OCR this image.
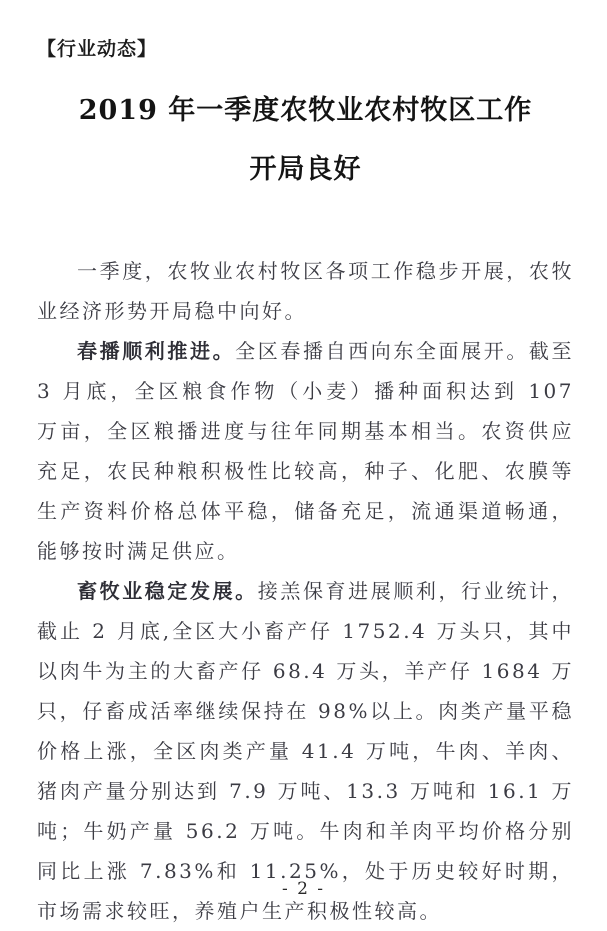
【行业动态】
2019 年一季度农牧业农村牧区工作
开局良好

一季度，农牧业农村牧区各项工作稳步开展，农牧业经济形势开局稳中向好。

春播顺利推进。全区春播自西向东全面展开。截至 3 月底，全区粮食作物（小麦）播种面积达到 107 万亩，全区粮播进度与往年同期基本相当。农资供应充足，农民种粮积极性比较高，种子、化肥、农膜等生产资料价格总体平稳，储备充足，流通渠道畅通，能够按时满足供应。

畜牧业稳定发展。接羔保育进展顺利，行业统计，截止 2 月底,全区大小畜产仔 1752.4 万头只，其中以肉牛为主的大畜产仔 68.4 万头，羊产仔 1684 万只，仔畜成活率继续保持在 98%以上。肉类产量平稳价格上涨，全区肉类产量 41.4 万吨，牛肉、羊肉、猪肉产量分别达到 7.9 万吨、13.3 万吨和 16.1 万吨；牛奶产量 56.2 万吨。牛肉和羊肉平均价格分别同比上涨 7.83%和 11.25%，处于历史较好时期，市场需求较旺，养殖户生产积极性较高。

- 2 -
